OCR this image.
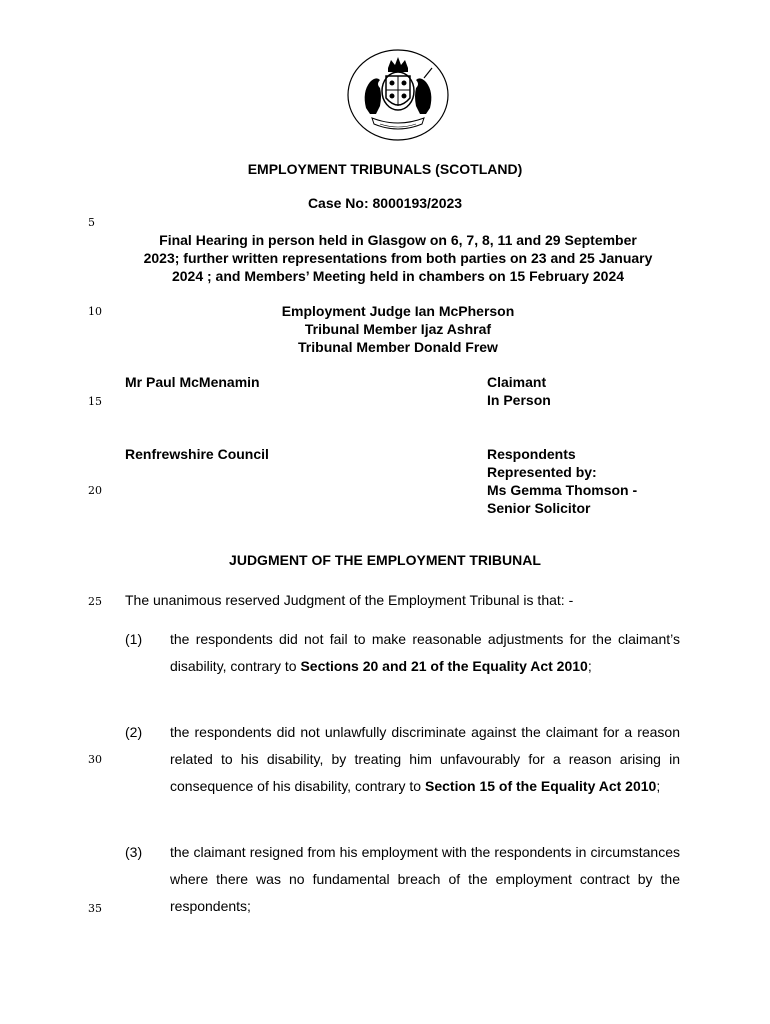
EMPLOYMENT TRIBUNALS (SCOTLAND)
Case No: 8000193/2023
Final Hearing in person held in Glasgow on 6, 7, 8, 11 and 29 September
2023; further written representations from both parties on 23 and 25 January
2024 ; and Members’ Meeting held in chambers on 15 February 2024
Employment Judge Ian McPherson
Tribunal Member Ijaz Ashraf
Tribunal Member Donald Frew
Mr Paul McMenamin	Claimant
In Person
Renfrewshire Council	Respondents
Represented by:
Ms Gemma Thomson -
Senior Solicitor
JUDGMENT OF THE EMPLOYMENT TRIBUNAL
The unanimous reserved Judgment of the Employment Tribunal is that: -
(1) the respondents did not fail to make reasonable adjustments for the claimant’s disability, contrary to Sections 20 and 21 of the Equality Act 2010;
(2) the respondents did not unlawfully discriminate against the claimant for a reason related to his disability, by treating him unfavourably for a reason arising in consequence of his disability, contrary to Section 15 of the Equality Act 2010;
(3) the claimant resigned from his employment with the respondents in circumstances where there was no fundamental breach of the employment contract by the respondents;
5
10
15
20
25
30
35
